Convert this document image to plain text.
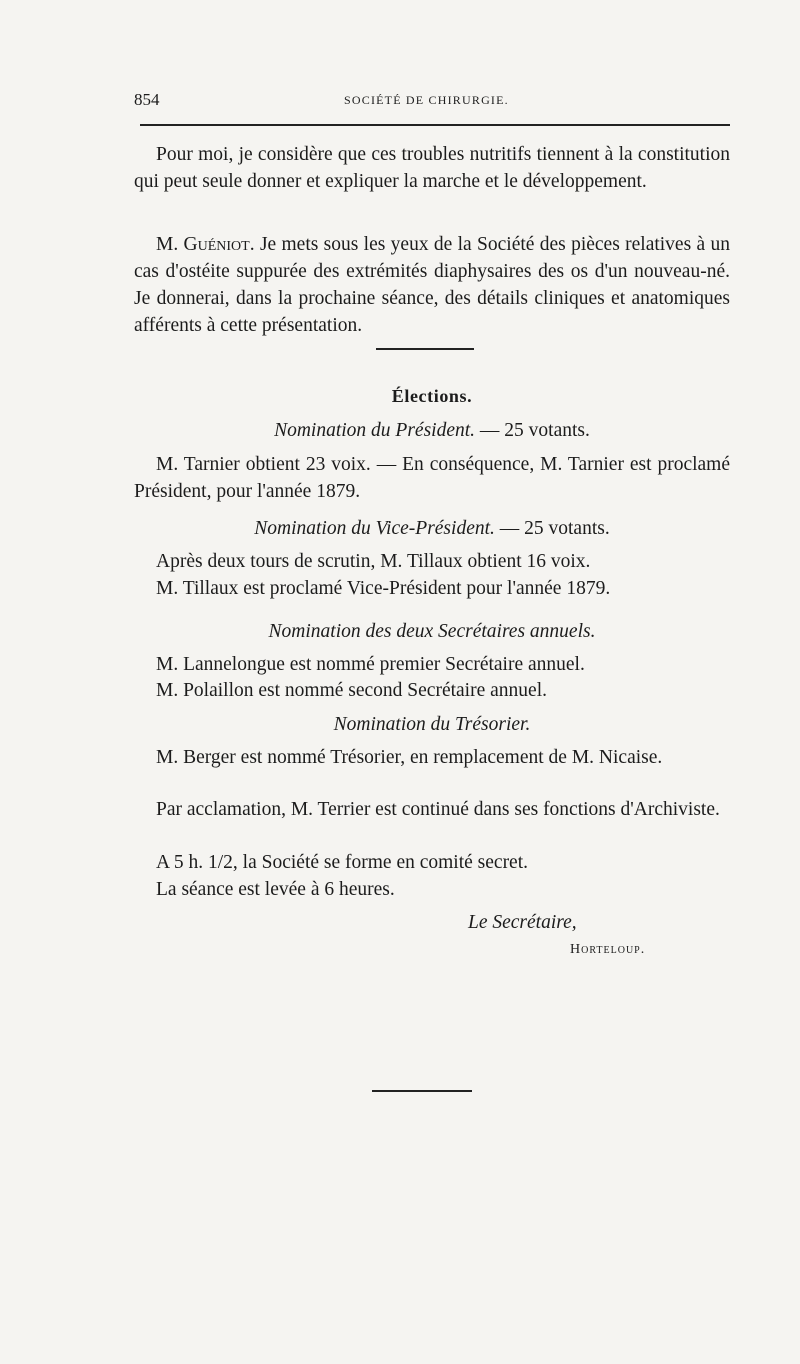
854	SOCIÉTÉ DE CHIRURGIE.

Pour moi, je considère que ces troubles nutritifs tiennent à la constitution qui peut seule donner et expliquer la marche et le développement.

M. Guéniot. Je mets sous les yeux de la Société des pièces relatives à un cas d'ostéite suppurée des extrémités diaphysaires des os d'un nouveau-né. Je donnerai, dans la prochaine séance, des détails cliniques et anatomiques afférents à cette présentation.

Élections.
Nomination du Président. — 25 votants.

M. Tarnier obtient 23 voix. — En conséquence, M. Tarnier est proclamé Président, pour l'année 1879.

Nomination du Vice-Président. — 25 votants.

Après deux tours de scrutin, M. Tillaux obtient 16 voix.

M. Tillaux est proclamé Vice-Président pour l'année 1879.

Nomination des deux Secrétaires annuels.

M. Lannelongue est nommé premier Secrétaire annuel.

M. Polaillon est nommé second Secrétaire annuel.

Nomination du Trésorier.

M. Berger est nommé Trésorier, en remplacement de M. Nicaise.

Par acclamation, M. Terrier est continué dans ses fonctions d'Archiviste.

A 5 h. 1/2, la Société se forme en comité secret.

La séance est levée à 6 heures.

Le Secrétaire,
Horteloup.
